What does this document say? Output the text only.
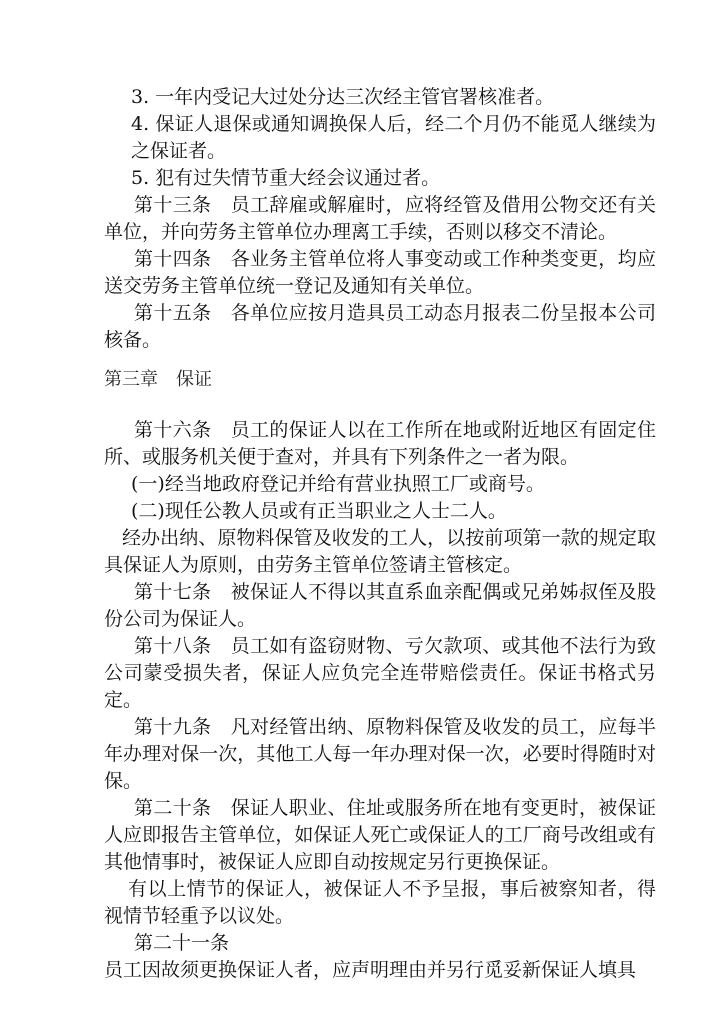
3. 一年内受记大过处分达三次经主管官署核准者。

4. 保证人退保或通知调换保人后，经二个月仍不能觅人继续为之保证者。

5. 犯有过失情节重大经会议通过者。

第十三条　员工辞雇或解雇时，应将经管及借用公物交还有关单位，并向劳务主管单位办理离工手续，否则以移交不清论。

第十四条　各业务主管单位将人事变动或工作种类变更，均应送交劳务主管单位统一登记及通知有关单位。

第十五条　各单位应按月造具员工动态月报表二份呈报本公司核备。

第三章　保证

第十六条　员工的保证人以在工作所在地或附近地区有固定住所、或服务机关便于查对，并具有下列条件之一者为限。

(一)经当地政府登记并给有营业执照工厂或商号。

(二)现任公教人员或有正当职业之人士二人。

经办出纳、原物料保管及收发的工人，以按前项第一款的规定取具保证人为原则，由劳务主管单位签请主管核定。

第十七条　被保证人不得以其直系血亲配偶或兄弟姊叔侄及股份公司为保证人。

第十八条　员工如有盗窃财物、亏欠款项、或其他不法行为致公司蒙受损失者，保证人应负完全连带赔偿责任。保证书格式另定。

第十九条　凡对经管出纳、原物料保管及收发的员工，应每半年办理对保一次，其他工人每一年办理对保一次，必要时得随时对保。

第二十条　保证人职业、住址或服务所在地有变更时，被保证人应即报告主管单位，如保证人死亡或保证人的工厂商号改组或有其他情事时，被保证人应即自动按规定另行更换保证。

有以上情节的保证人，被保证人不予呈报，事后被察知者，得视情节轻重予以议处。

第二十一条

员工因故须更换保证人者，应声明理由并另行觅妥新保证人填具
